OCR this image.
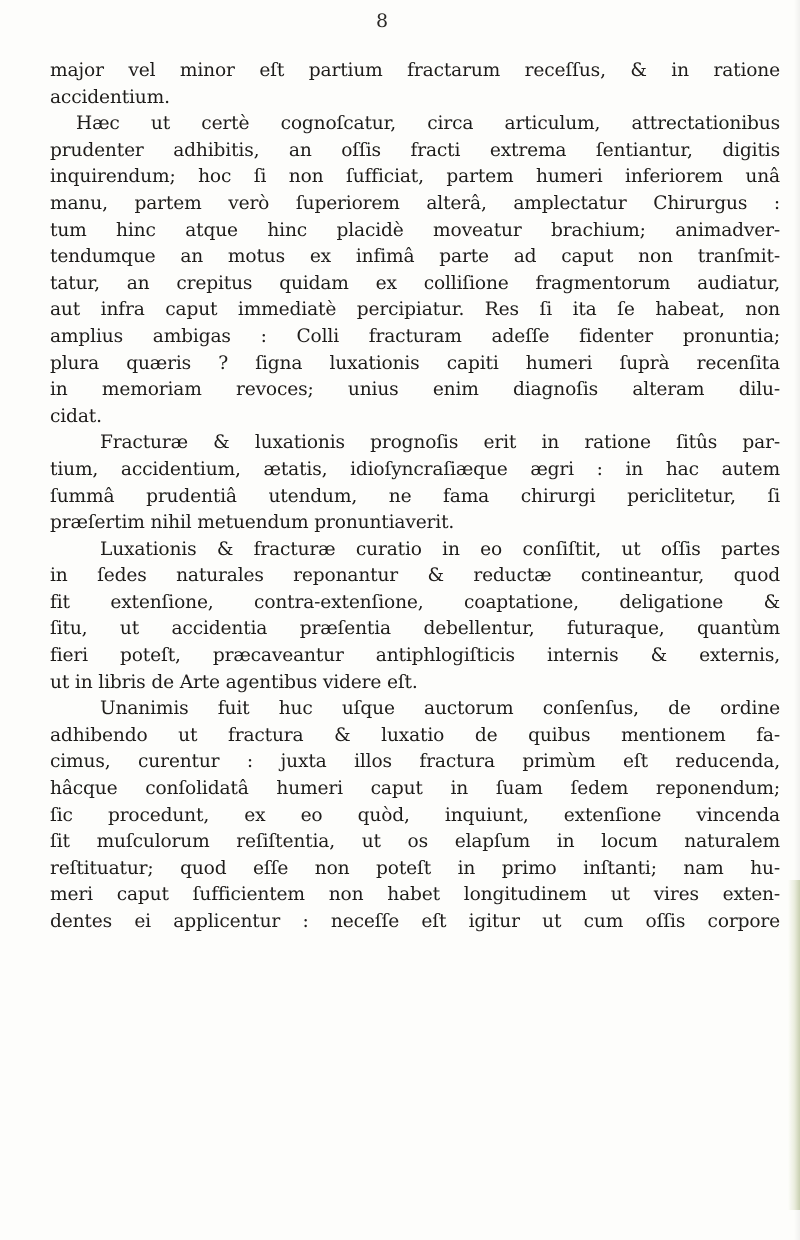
8
major vel minor eſt partium fractarum receſſus, & in ratione
accidentium.
Hæc ut certè cognoſcatur, circa articulum, attrectationibus
prudenter adhibitis, an oſſis fracti extrema ſentiantur, digitis
inquirendum; hoc ſi non ſufficiat, partem humeri inferiorem unâ
manu, partem verò ſuperiorem alterâ, amplectatur Chirurgus :
tum hinc atque hinc placidè moveatur brachium; animadver-
tendumque an motus ex infimâ parte ad caput non tranſmit-
tatur, an crepitus quidam ex colliſione fragmentorum audiatur,
aut infra caput immediatè percipiatur. Res ſi ita ſe habeat, non
amplius ambigas : Colli fracturam adeſſe fidenter pronuntia;
plura quæris ? ſigna luxationis capiti humeri ſuprà recenſita
in memoriam revoces; unius enim diagnoſis alteram dilu-
cidat.
Fracturæ & luxationis prognoſis erit in ratione ſitûs par-
tium, accidentium, ætatis, idioſyncraſiæque ægri : in hac autem
ſummâ prudentiâ utendum, ne fama chirurgi periclitetur, ſi
præſertim nihil metuendum pronuntiaverit.
Luxationis & fracturæ curatio in eo conſiſtit, ut oſſis partes
in ſedes naturales reponantur & reductæ contineantur, quod
fit extenſione, contra-extenſione, coaptatione, deligatione &
ſitu, ut accidentia præſentia debellentur, futuraque, quantùm
fieri poteſt, præcaveantur antiphlogiſticis internis & externis,
ut in libris de Arte agentibus videre eſt.
Unanimis fuit huc uſque auctorum conſenſus, de ordine
adhibendo ut fractura & luxatio de quibus mentionem fa-
cimus, curentur : juxta illos fractura primùm eſt reducenda,
hâcque conſolidatâ humeri caput in ſuam ſedem reponendum;
ſic procedunt, ex eo quòd, inquiunt, extenſione vincenda
ſit muſculorum reſiſtentia, ut os elapſum in locum naturalem
reſtituatur; quod eſſe non poteſt in primo inſtanti; nam hu-
meri caput ſufficientem non habet longitudinem ut vires exten-
dentes ei applicentur : neceſſe eſt igitur ut cum oſſis corpore
